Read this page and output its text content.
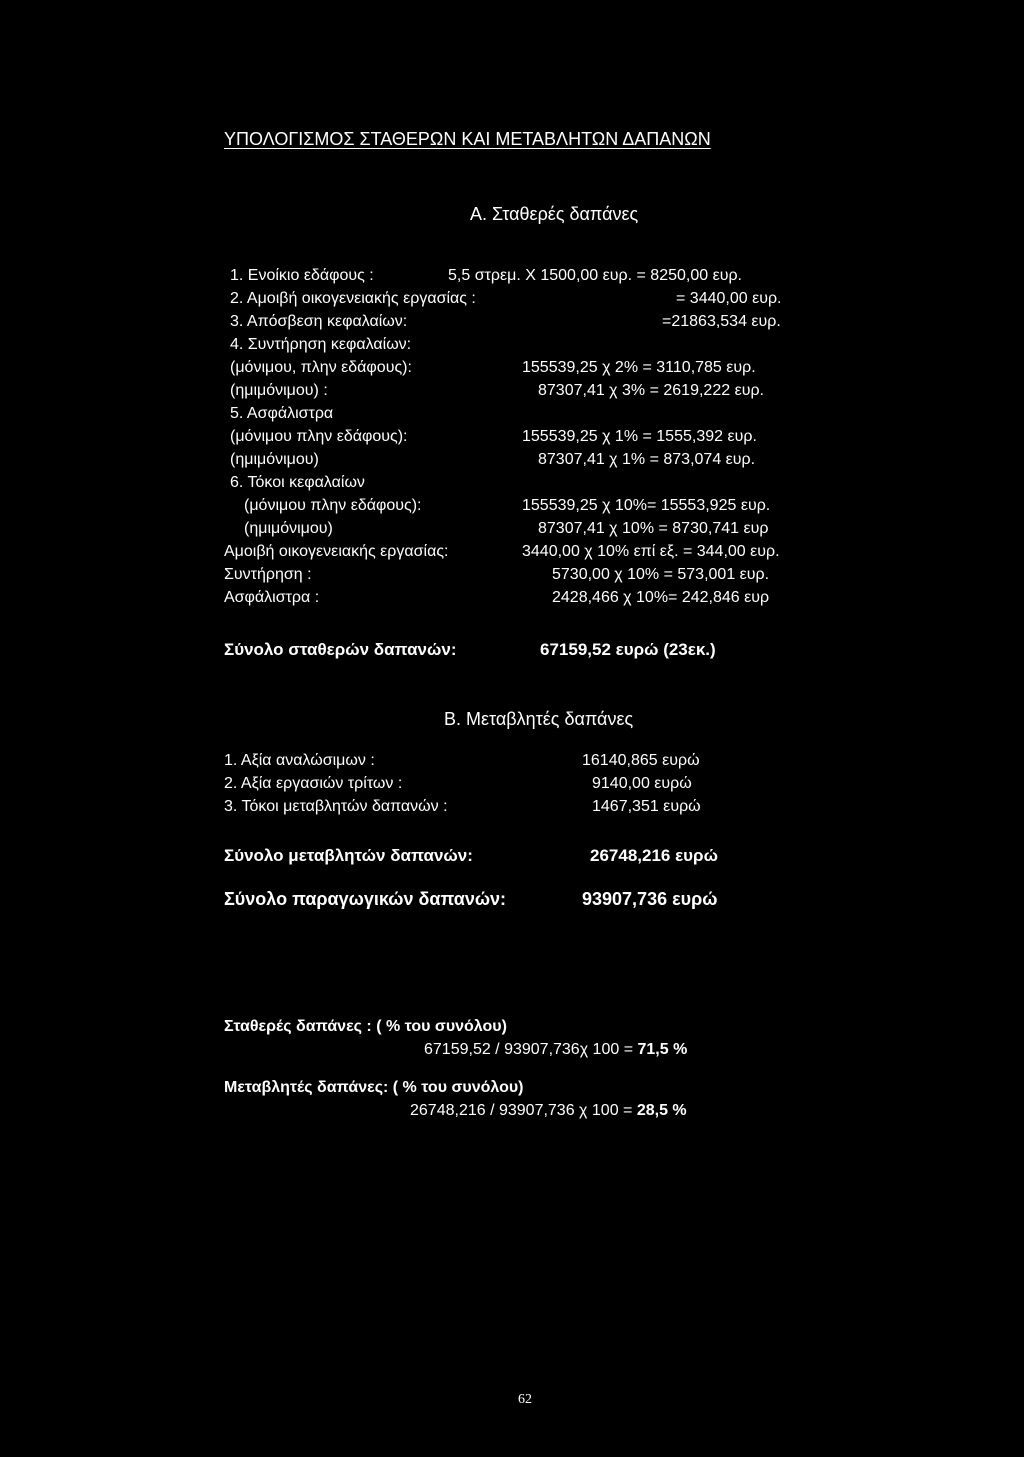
ΥΠΟΛΟΓΙΣΜΟΣ ΣΤΑΘΕΡΩΝ ΚΑΙ ΜΕΤΑΒΛΗΤΩΝ ΔΑΠΑΝΩΝ
Α. Σταθερές δαπάνες
1. Ενοίκιο εδάφους :	5,5 στρεμ. Χ 1500,00 ευρ. = 8250,00 ευρ.
2. Αμοιβή οικογενειακής εργασίας :	= 3440,00 ευρ.
3. Απόσβεση κεφαλαίων:	=21863,534 ευρ.
4. Συντήρηση κεφαλαίων:
(μόνιμου, πλην εδάφους):	155539,25 χ 2% = 3110,785 ευρ.
(ημιμόνιμου) :	87307,41 χ 3% = 2619,222 ευρ.
5. Ασφάλιστρα
(μόνιμου πλην εδάφους):	155539,25 χ 1% = 1555,392 ευρ.
(ημιμόνιμου)	87307,41 χ 1% = 873,074 ευρ.
6. Τόκοι κεφαλαίων
(μόνιμου πλην εδάφους):	155539,25 χ 10%= 15553,925 ευρ.
(ημιμόνιμου)	87307,41 χ 10% = 8730,741 ευρ
Αμοιβή οικογενειακής εργασίας:	3440,00 χ 10% επί εξ. = 344,00 ευρ.
Συντήρηση :	5730,00 χ 10% = 573,001 ευρ.
Ασφάλιστρα :	2428,466 χ 10%= 242,846 ευρ
Σύνολο σταθερών δαπανών:	67159,52 ευρώ (23εκ.)
Β. Μεταβλητές δαπάνες
1. Αξία αναλώσιμων :	16140,865 ευρώ
2. Αξία εργασιών τρίτων :	9140,00 ευρώ
3. Τόκοι μεταβλητών δαπανών :	1467,351 ευρώ
Σύνολο μεταβλητών δαπανών:	26748,216 ευρώ
Σύνολο παραγωγικών δαπανών:	93907,736 ευρώ
Σταθερές δαπάνες : ( % του συνόλου)
67159,52 / 93907,736χ 100 = 71,5 %
Μεταβλητές δαπάνες: ( % του συνόλου)
26748,216 / 93907,736 χ 100 = 28,5 %
62
